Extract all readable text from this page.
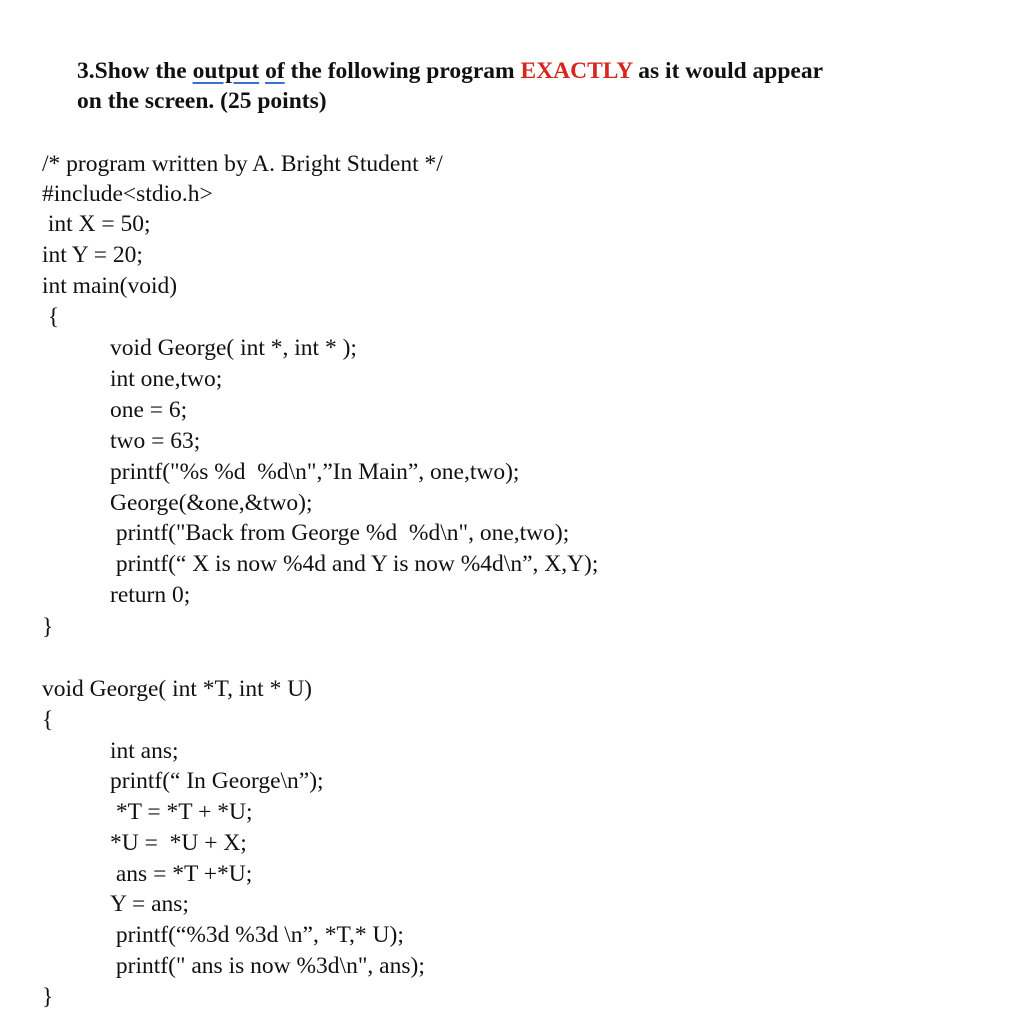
3.Show the output of the following program EXACTLY as it would appear
on the screen. (25 points)
/* program written by A. Bright Student */
#include<stdio.h>
int X = 50;
int Y = 20;
int main(void)
{
void George( int *, int * );
int one,two;
one = 6;
two = 63;
printf("%s %d  %d\n",”In Main”, one,two);
George(&one,&two);
printf("Back from George %d  %d\n", one,two);
printf(“ X is now %4d and Y is now %4d\n”, X,Y);
return 0;
}
void George( int *T, int * U)
{
int ans;
printf(“ In George\n”);
*T = *T + *U;
*U =  *U + X;
ans = *T +*U;
Y = ans;
printf(“%3d %3d \n”, *T,* U);
printf(" ans is now %3d\n", ans);
}
